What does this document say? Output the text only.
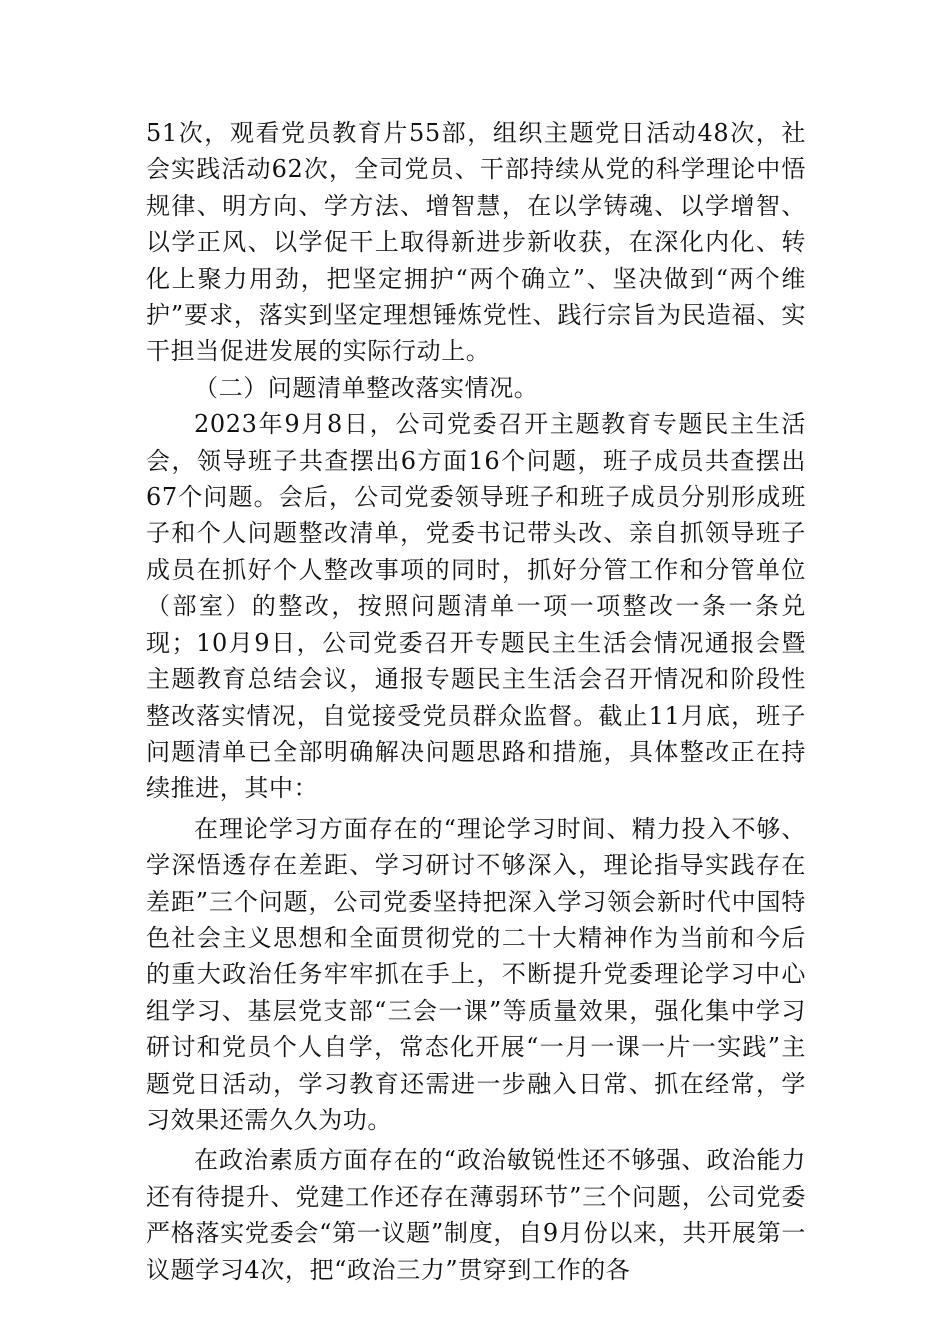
51次，观看党员教育片55部，组织主题党日活动48次，社会实践活动62次，全司党员、干部持续从党的科学理论中悟规律、明方向、学方法、增智慧，在以学铸魂、以学增智、以学正风、以学促干上取得新进步新收获，在深化内化、转化上聚力用劲，把坚定拥护“两个确立”、坚决做到“两个维护”要求，落实到坚定理想锤炼党性、践行宗旨为民造福、实干担当促进发展的实际行动上。

（二）问题清单整改落实情况。

2023年9月8日，公司党委召开主题教育专题民主生活会，领导班子共查摆出6方面16个问题，班子成员共查摆出67个问题。会后，公司党委领导班子和班子成员分别形成班子和个人问题整改清单，党委书记带头改、亲自抓领导班子成员在抓好个人整改事项的同时，抓好分管工作和分管单位（部室）的整改，按照问题清单一项一项整改一条一条兑现；10月9日，公司党委召开专题民主生活会情况通报会暨主题教育总结会议，通报专题民主生活会召开情况和阶段性整改落实情况，自觉接受党员群众监督。截止11月底，班子问题清单已全部明确解决问题思路和措施，具体整改正在持续推进，其中：

在理论学习方面存在的“理论学习时间、精力投入不够、学深悟透存在差距、学习研讨不够深入，理论指导实践存在差距”三个问题，公司党委坚持把深入学习领会新时代中国特色社会主义思想和全面贯彻党的二十大精神作为当前和今后的重大政治任务牢牢抓在手上，不断提升党委理论学习中心组学习、基层党支部“三会一课”等质量效果，强化集中学习研讨和党员个人自学，常态化开展“一月一课一片一实践”主题党日活动，学习教育还需进一步融入日常、抓在经常，学习效果还需久久为功。

在政治素质方面存在的“政治敏锐性还不够强、政治能力还有待提升、党建工作还存在薄弱环节”三个问题，公司党委严格落实党委会“第一议题”制度，自9月份以来，共开展第一议题学习4次，把“政治三力”贯穿到工作的各
